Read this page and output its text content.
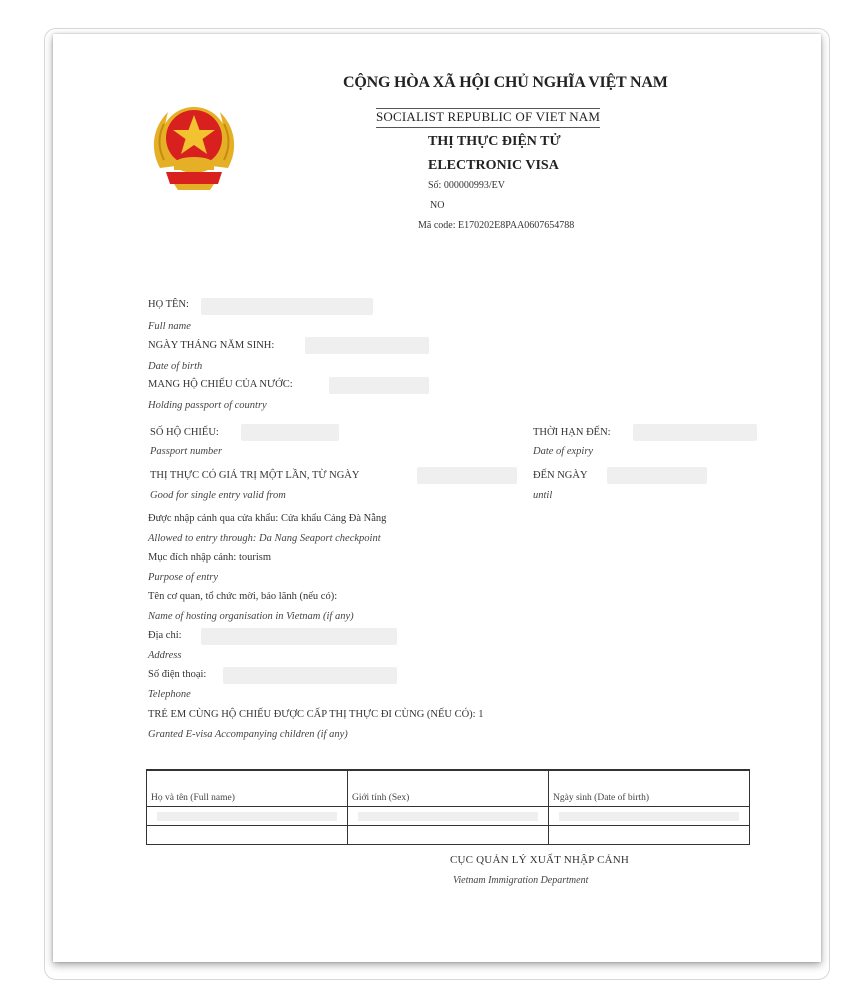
CỘNG HÒA XÃ HỘI CHỦ NGHĨA VIỆT NAM
SOCIALIST REPUBLIC OF VIET NAM
THỊ THỰC ĐIỆN TỬ
ELECTRONIC VISA
Số: 000000993/EV
NO
Mã code: E170202E8PAA0607654788
HỌ TÊN:
Full name
NGÀY THÁNG NĂM SINH:
Date of birth
MANG HỘ CHIẾU CỦA NƯỚC:
Holding passport of country
SỐ HỘ CHIẾU:
Passport number
THỜI HẠN ĐẾN:
Date of expiry
THỊ THỰC CÓ GIÁ TRỊ MỘT LẦN, TỪ NGÀY
Good for single entry valid from
ĐẾN NGÀY
until
Được nhập cảnh qua cửa khẩu: Cửa khẩu Cảng Đà Nẵng
Allowed to entry through: Da Nang Seaport checkpoint
Mục đích nhập cảnh: tourism
Purpose of entry
Tên cơ quan, tổ chức mời, bảo lãnh (nếu có):
Name of hosting organisation in Vietnam (if any)
Địa chỉ:
Address
Số điện thoại:
Telephone
TRẺ EM CÙNG HỘ CHIẾU ĐƯỢC CẤP THỊ THỰC ĐI CÙNG (NẾU CÓ): 1
Granted E-visa Accompanying children (if any)
Họ và tên (Full name)	Giới tính (Sex)	Ngày sinh (Date of birth)

CỤC QUẢN LÝ XUẤT NHẬP CẢNH
Vietnam Immigration Department
